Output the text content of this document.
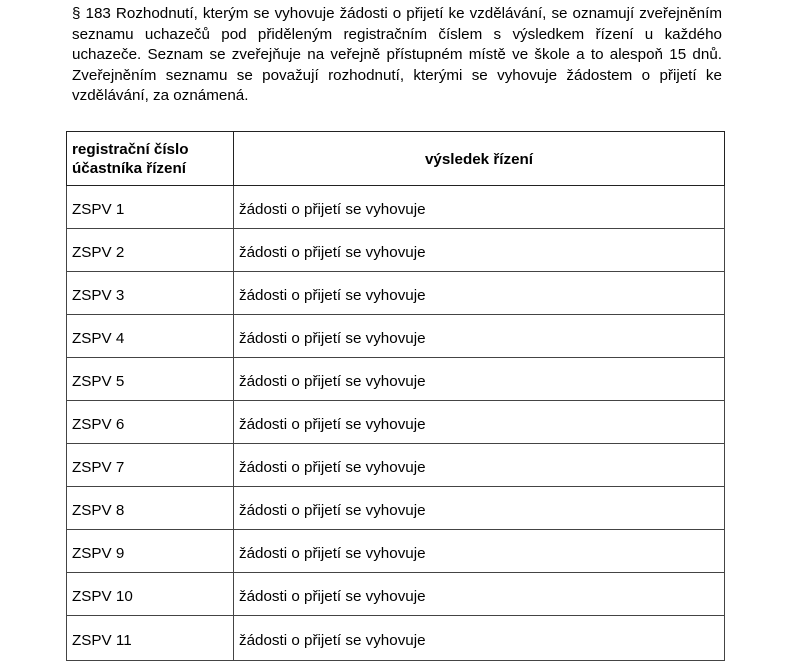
§ 183 Rozhodnutí, kterým se vyhovuje žádosti o přijetí ke vzdělávání, se oznamují zveřejněním seznamu uchazečů pod přiděleným registračním číslem s výsledkem řízení u každého uchazeče. Seznam se zveřejňuje na veřejně přístupném místě ve škole a to alespoň 15 dnů. Zveřejněním seznamu se považují rozhodnutí, kterými se vyhovuje žádostem o přijetí ke vzdělávání, za oznámená.

registrační číslo
účastníka řízení	výsledek řízení
ZSPV 1	žádosti o přijetí se vyhovuje
ZSPV 2	žádosti o přijetí se vyhovuje
ZSPV 3	žádosti o přijetí se vyhovuje
ZSPV 4	žádosti o přijetí se vyhovuje
ZSPV 5	žádosti o přijetí se vyhovuje
ZSPV 6	žádosti o přijetí se vyhovuje
ZSPV 7	žádosti o přijetí se vyhovuje
ZSPV 8	žádosti o přijetí se vyhovuje
ZSPV 9	žádosti o přijetí se vyhovuje
ZSPV 10	žádosti o přijetí se vyhovuje
ZSPV 11	žádosti o přijetí se vyhovuje
